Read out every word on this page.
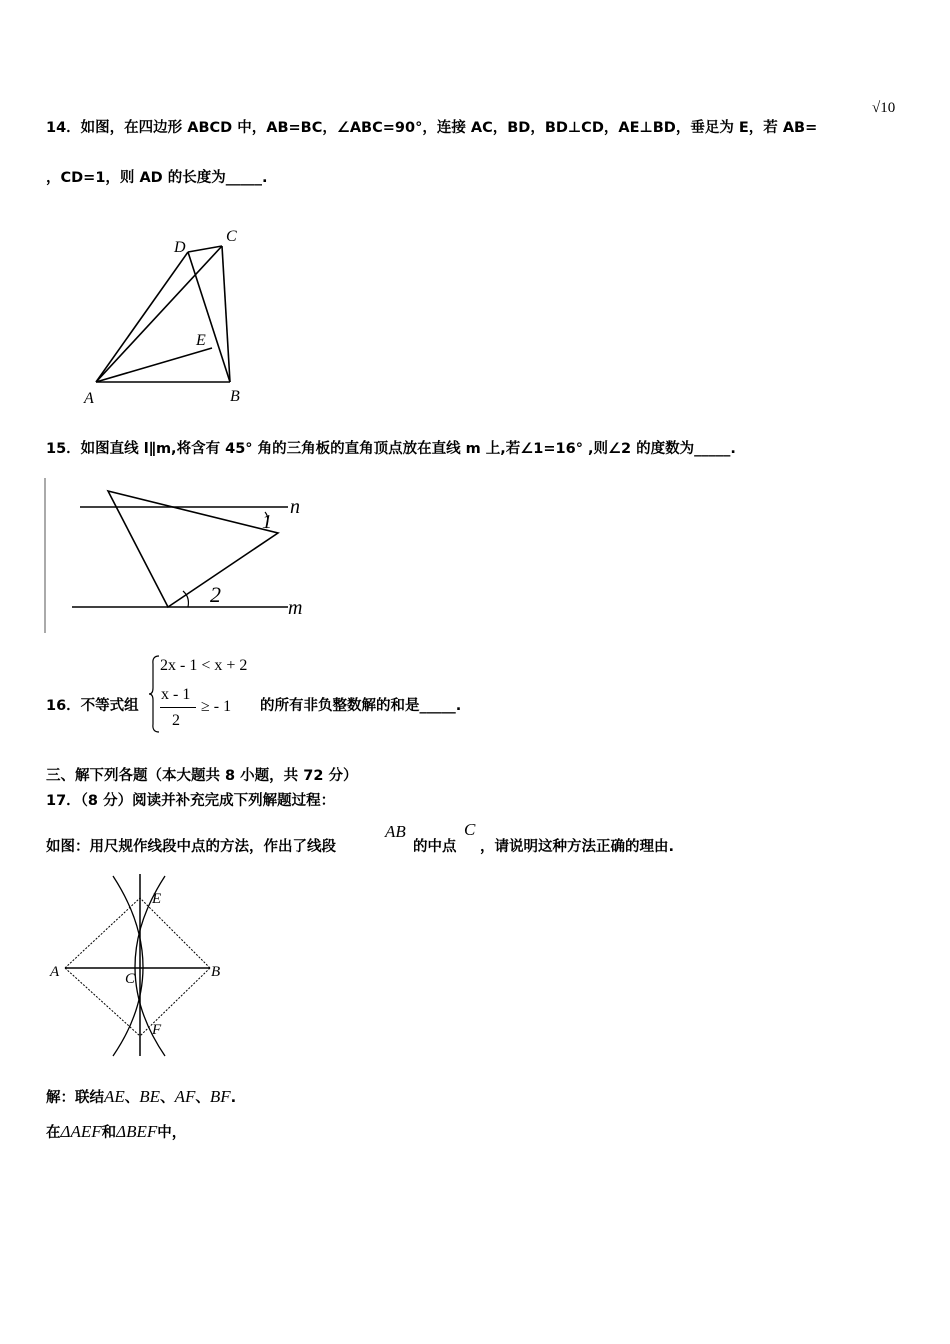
14．如图，在四边形 ABCD 中，AB=BC，∠ABC=90°，连接 AC，BD，BD⊥CD，AE⊥BD，垂足为 E，若 AB=
√10
，CD=1，则 AD 的长度为_____.
A	B
C
D
E
15．如图直线 l∥m,将含有 45° 角的三角板的直角顶点放在直线 m 上,若∠1=16° ,则∠2 的度数为_____.
1
2
n
m
16．不等式组
2x - 1 < x + 2
x - 1
2
≥ - 1 的所有非负整数解的和是_____.
三、解下列各题（本大题共 8 小题，共 72 分）
17．（8 分）阅读并补充完成下列解题过程：
如图：用尺规作线段中点的方法，作出了线段
AB
的中点
C
，请说明这种方法正确的理由.
A	B
C
E
F
解：联结AE、BE、AF、BF.
在ΔAEF和ΔBEF中，
